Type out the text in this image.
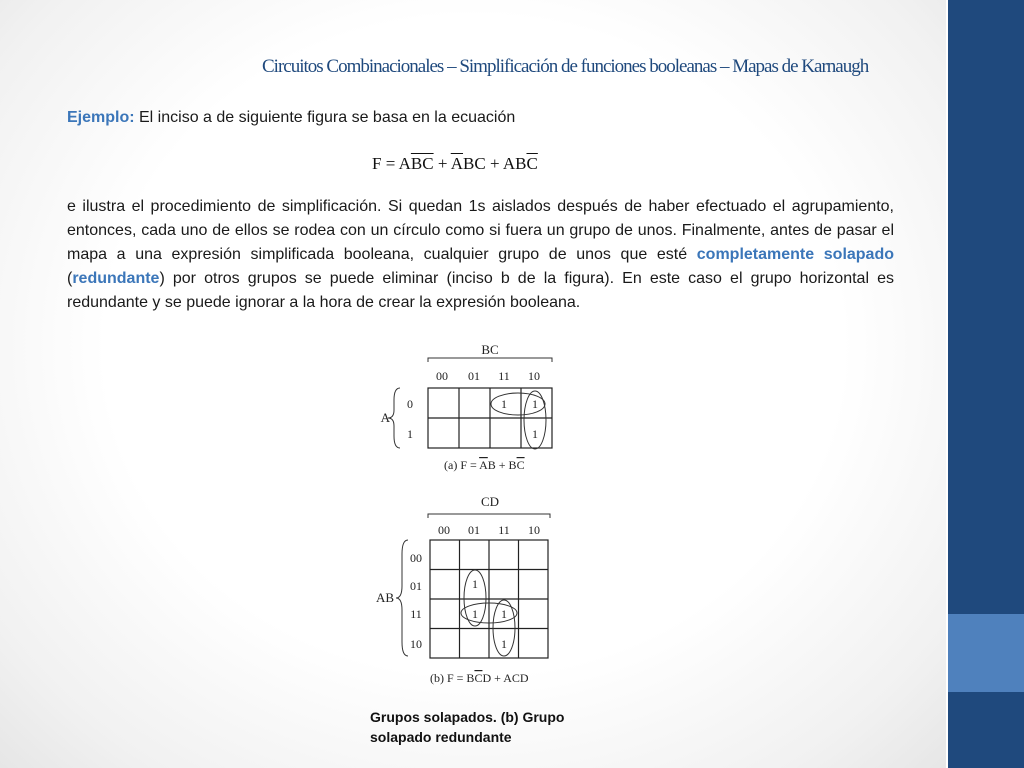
Circuitos Combinacionales – Simplificación de funciones booleanas – Mapas de Karnaugh
Ejemplo: El inciso a de siguiente figura se basa en la ecuación
$F = A\overline{BC} + \overline{A}BC + AB\overline{C}$
e ilustra el procedimiento de simplificación. Si quedan 1s aislados después de haber efectuado el agrupamiento, entonces, cada uno de ellos se rodea con un círculo como si fuera un grupo de unos. Finalmente, antes de pasar el mapa a una expresión simplificada booleana, cualquier grupo de unos que esté completamente solapado (redundante) por otros grupos se puede eliminar (inciso b de la figura). En este caso el grupo horizontal es redundante y se puede ignorar a la hora de crear la expresión booleana.
BC
00 01 11 10
A
0
1
1 1
1
(a) F = AB + BC
CD
00 01 11 10
AB
00
01
11
10
1
1 1
1
(b) F = BCD + ACD
Grupos solapados. (b) Grupo solapado redundante
